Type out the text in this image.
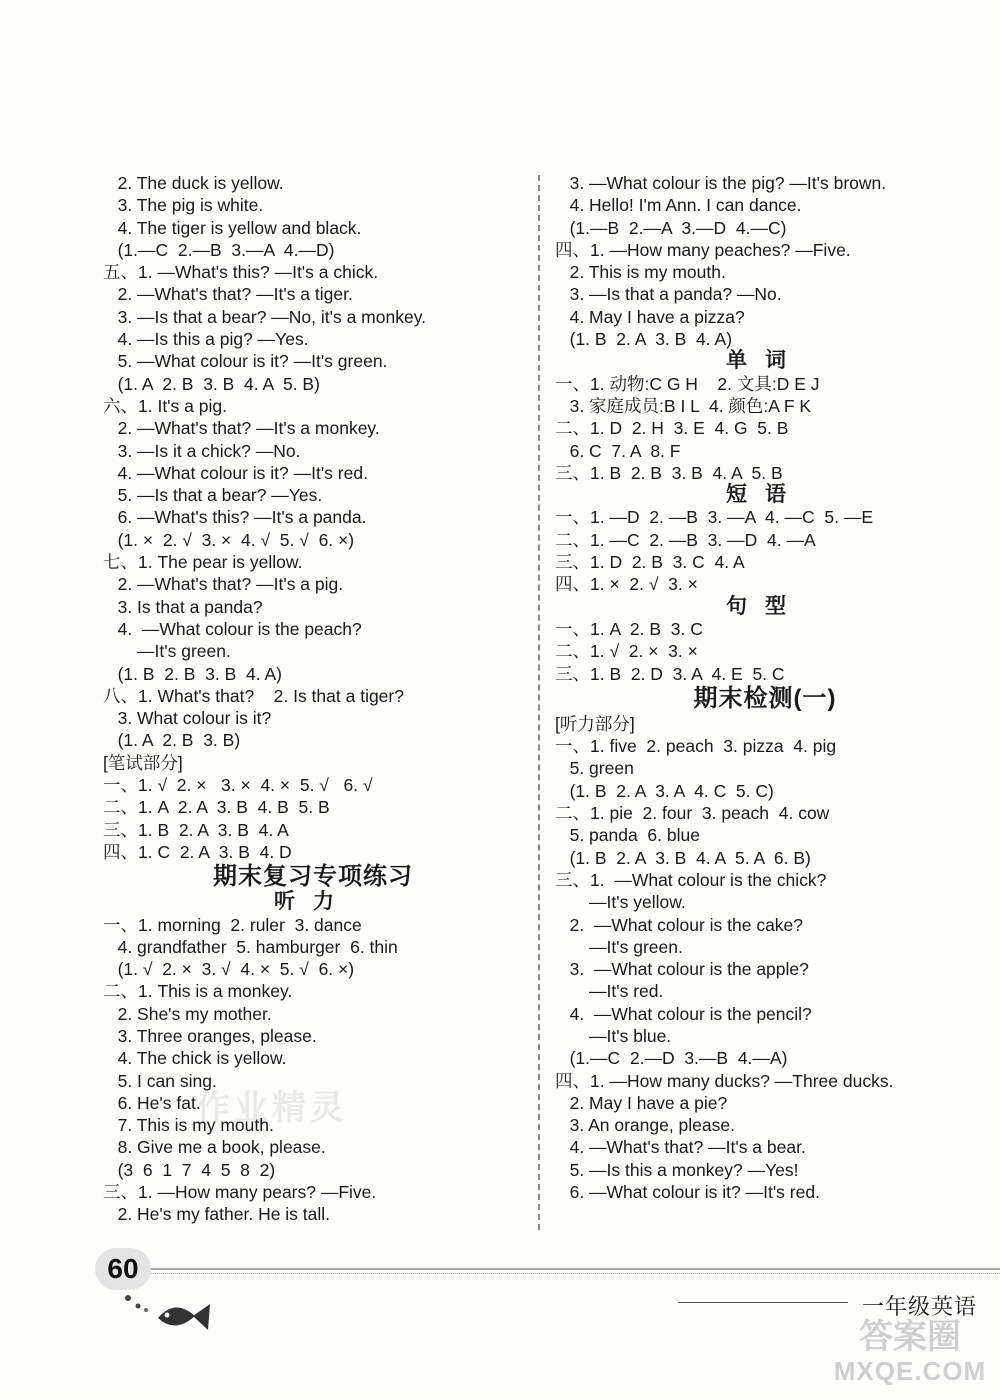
2. The duck is yellow.
3. The pig is white.
4. The tiger is yellow and black.
(1.—C  2.—B  3.—A  4.—D)
五、1. —What's this? —It's a chick.
2. —What's that? —It's a tiger.
3. —Is that a bear? —No, it's a monkey.
4. —Is this a pig? —Yes.
5. —What colour is it? —It's green.
(1. A  2. B  3. B  4. A  5. B)
六、1. It's a pig.
2. —What's that? —It's a monkey.
3. —Is it a chick? —No.
4. —What colour is it? —It's red.
5. —Is that a bear? —Yes.
6. —What's this? —It's a panda.
(1. ×  2. √  3. ×  4. √  5. √  6. ×)
七、1. The pear is yellow.
2. —What's that? —It's a pig.
3. Is that a panda?
4.  —What colour is the peach?
—It's green.
(1. B  2. B  3. B  4. A)
八、1. What's that?    2. Is that a tiger?
3. What colour is it?
(1. A  2. B  3. B)
[笔试部分]
一、1. √  2. ×   3. ×  4. ×  5. √   6. √
二、1. A  2. A  3. B  4. B  5. B
三、1. B  2. A  3. B  4. A
四、1. C  2. A  3. B  4. D
期末复习专项练习
听力
一、1. morning  2. ruler  3. dance
4. grandfather  5. hamburger  6. thin
(1. √  2. ×  3. √  4. ×  5. √  6. ×)
二、1. This is a monkey.
2. She's my mother.
3. Three oranges, please.
4. The chick is yellow.
5. I can sing.
6. He's fat.
7. This is my mouth.
8. Give me a book, please.
(3  6  1  7  4  5  8  2)
三、1. —How many pears? —Five.
2. He's my father. He is tall.
3. —What colour is the pig? —It's brown.
4. Hello! I'm Ann. I can dance.
(1.—B  2.—A  3.—D  4.—C)
四、1. —How many peaches? —Five.
2. This is my mouth.
3. —Is that a panda? —No.
4. May I have a pizza?
(1. B  2. A  3. B  4. A)
单词
一、1. 动物:C G H    2. 文具:D E J
3. 家庭成员:B I L  4. 颜色:A F K
二、1. D  2. H  3. E  4. G  5. B
6. C  7. A  8. F
三、1. B  2. B  3. B  4. A  5. B
短语
一、1. —D  2. —B  3. —A  4. —C  5. —E
二、1. —C  2. —B  3. —D  4. —A
三、1. D  2. B  3. C  4. A
四、1. ×  2. √  3. ×
句型
一、1. A  2. B  3. C
二、1. √  2. ×  3. ×
三、1. B  2. D  3. A  4. E  5. C
期末检测(一)
[听力部分]
一、1. five  2. peach  3. pizza  4. pig
5. green
(1. B  2. A  3. A  4. C  5. C)
二、1. pie  2. four  3. peach  4. cow
5. panda  6. blue
(1. B  2. A  3. B  4. A  5. A  6. B)
三、1.  —What colour is the chick?
—It's yellow.
2.  —What colour is the cake?
—It's green.
3.  —What colour is the apple?
—It's red.
4.  —What colour is the pencil?
—It's blue.
(1.—C  2.—D  3.—B  4.—A)
四、1. —How many ducks? —Three ducks.
2. May I have a pie?
3. An orange, please.
4. —What's that? —It's a bear.
5. —Is this a monkey? —Yes!
6. —What colour is it? —It's red.
作业精灵
60
一年级英语
答案圈
MXQE.COM
